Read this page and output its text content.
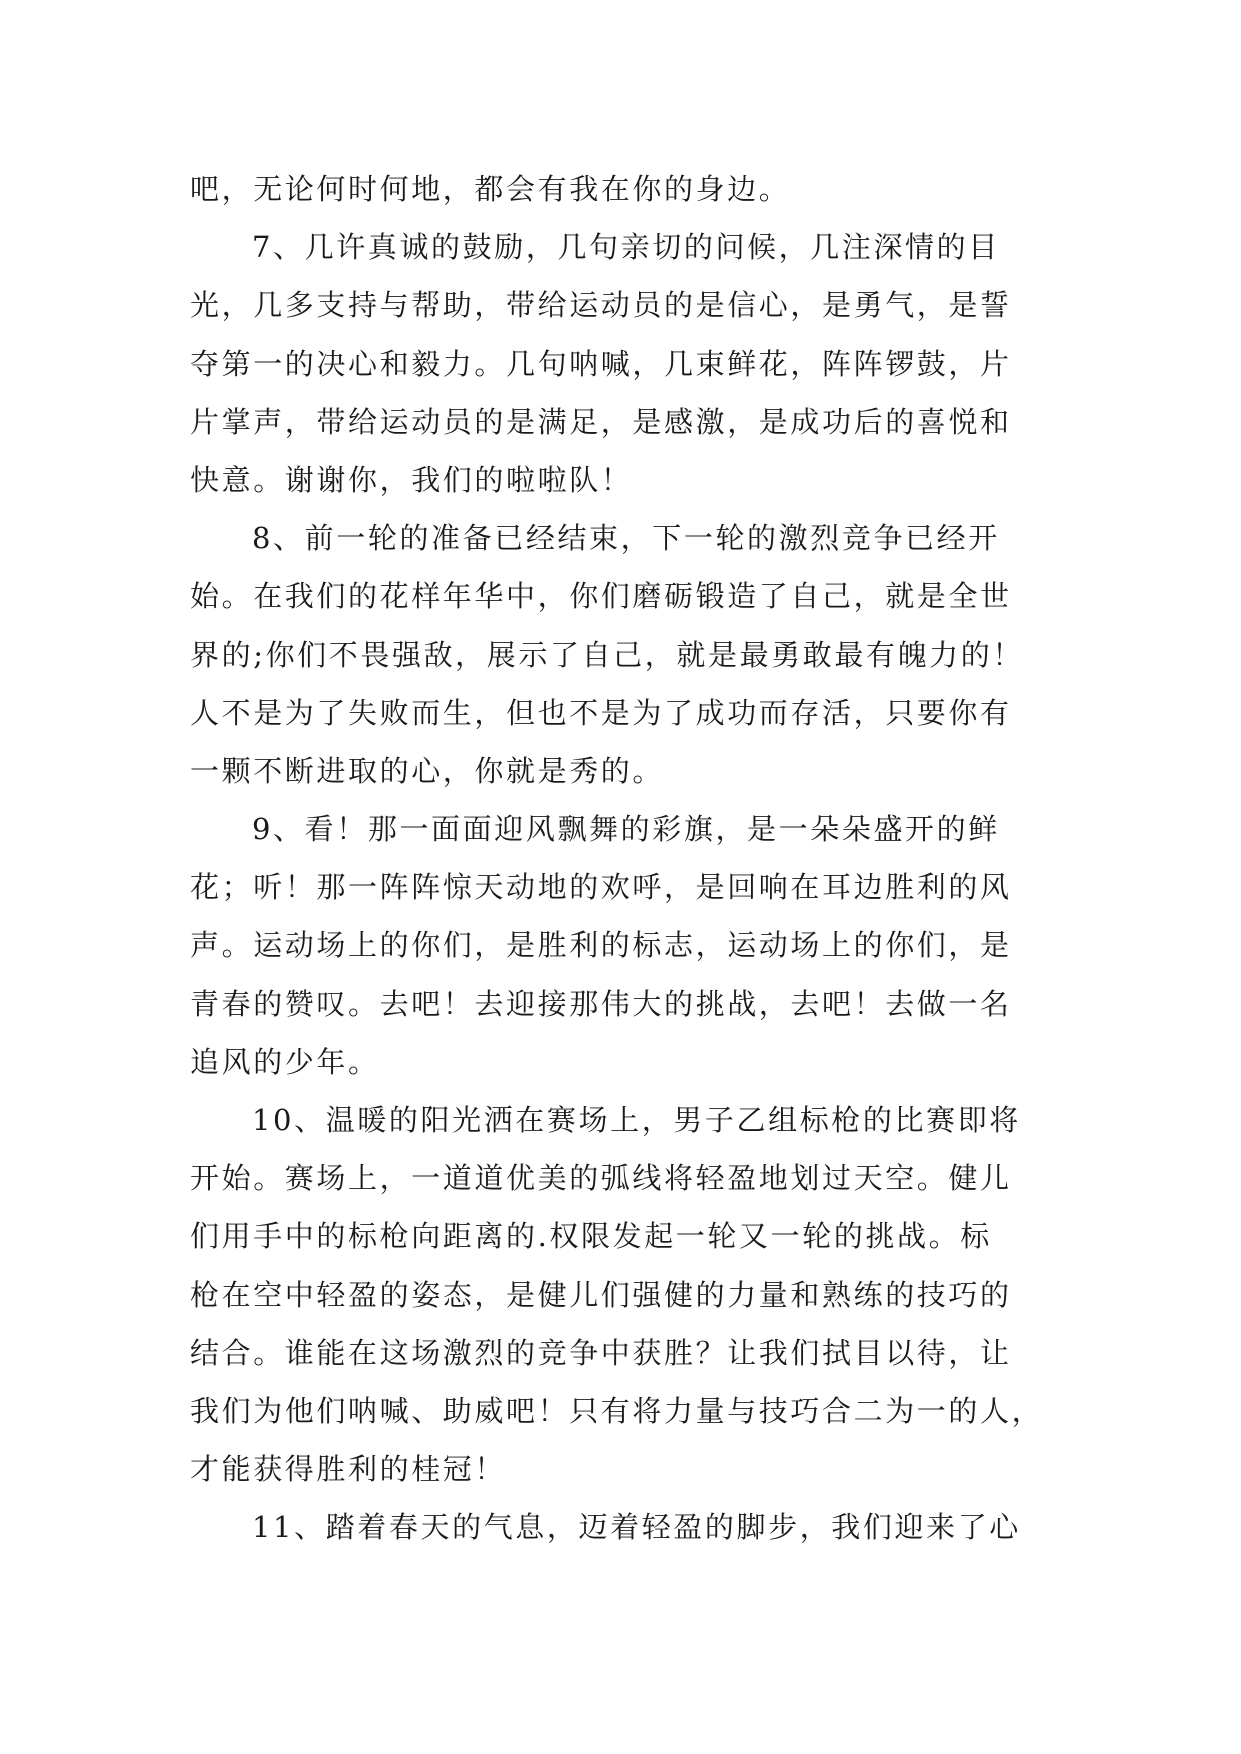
吧，无论何时何地，都会有我在你的身边。
7、几许真诚的鼓励，几句亲切的问候，几注深情的目
光，几多支持与帮助，带给运动员的是信心，是勇气，是誓
夺第一的决心和毅力。几句呐喊，几束鲜花，阵阵锣鼓，片
片掌声，带给运动员的是满足，是感激，是成功后的喜悦和
快意。谢谢你，我们的啦啦队！
8、前一轮的准备已经结束，下一轮的激烈竞争已经开
始。在我们的花样年华中，你们磨砺锻造了自己，就是全世
界的;你们不畏强敌，展示了自己，就是最勇敢最有魄力的！
人不是为了失败而生，但也不是为了成功而存活，只要你有
一颗不断进取的心，你就是秀的。
9、看！那一面面迎风飘舞的彩旗，是一朵朵盛开的鲜
花；听！那一阵阵惊天动地的欢呼，是回响在耳边胜利的风
声。运动场上的你们，是胜利的标志，运动场上的你们，是
青春的赞叹。去吧！去迎接那伟大的挑战，去吧！去做一名
追风的少年。
10、温暖的阳光洒在赛场上，男子乙组标枪的比赛即将
开始。赛场上，一道道优美的弧线将轻盈地划过天空。健儿
们用手中的标枪向距离的.权限发起一轮又一轮的挑战。标
枪在空中轻盈的姿态，是健儿们强健的力量和熟练的技巧的
结合。谁能在这场激烈的竞争中获胜？让我们拭目以待，让
我们为他们呐喊、助威吧！只有将力量与技巧合二为一的人，
才能获得胜利的桂冠！
11、踏着春天的气息，迈着轻盈的脚步，我们迎来了心
